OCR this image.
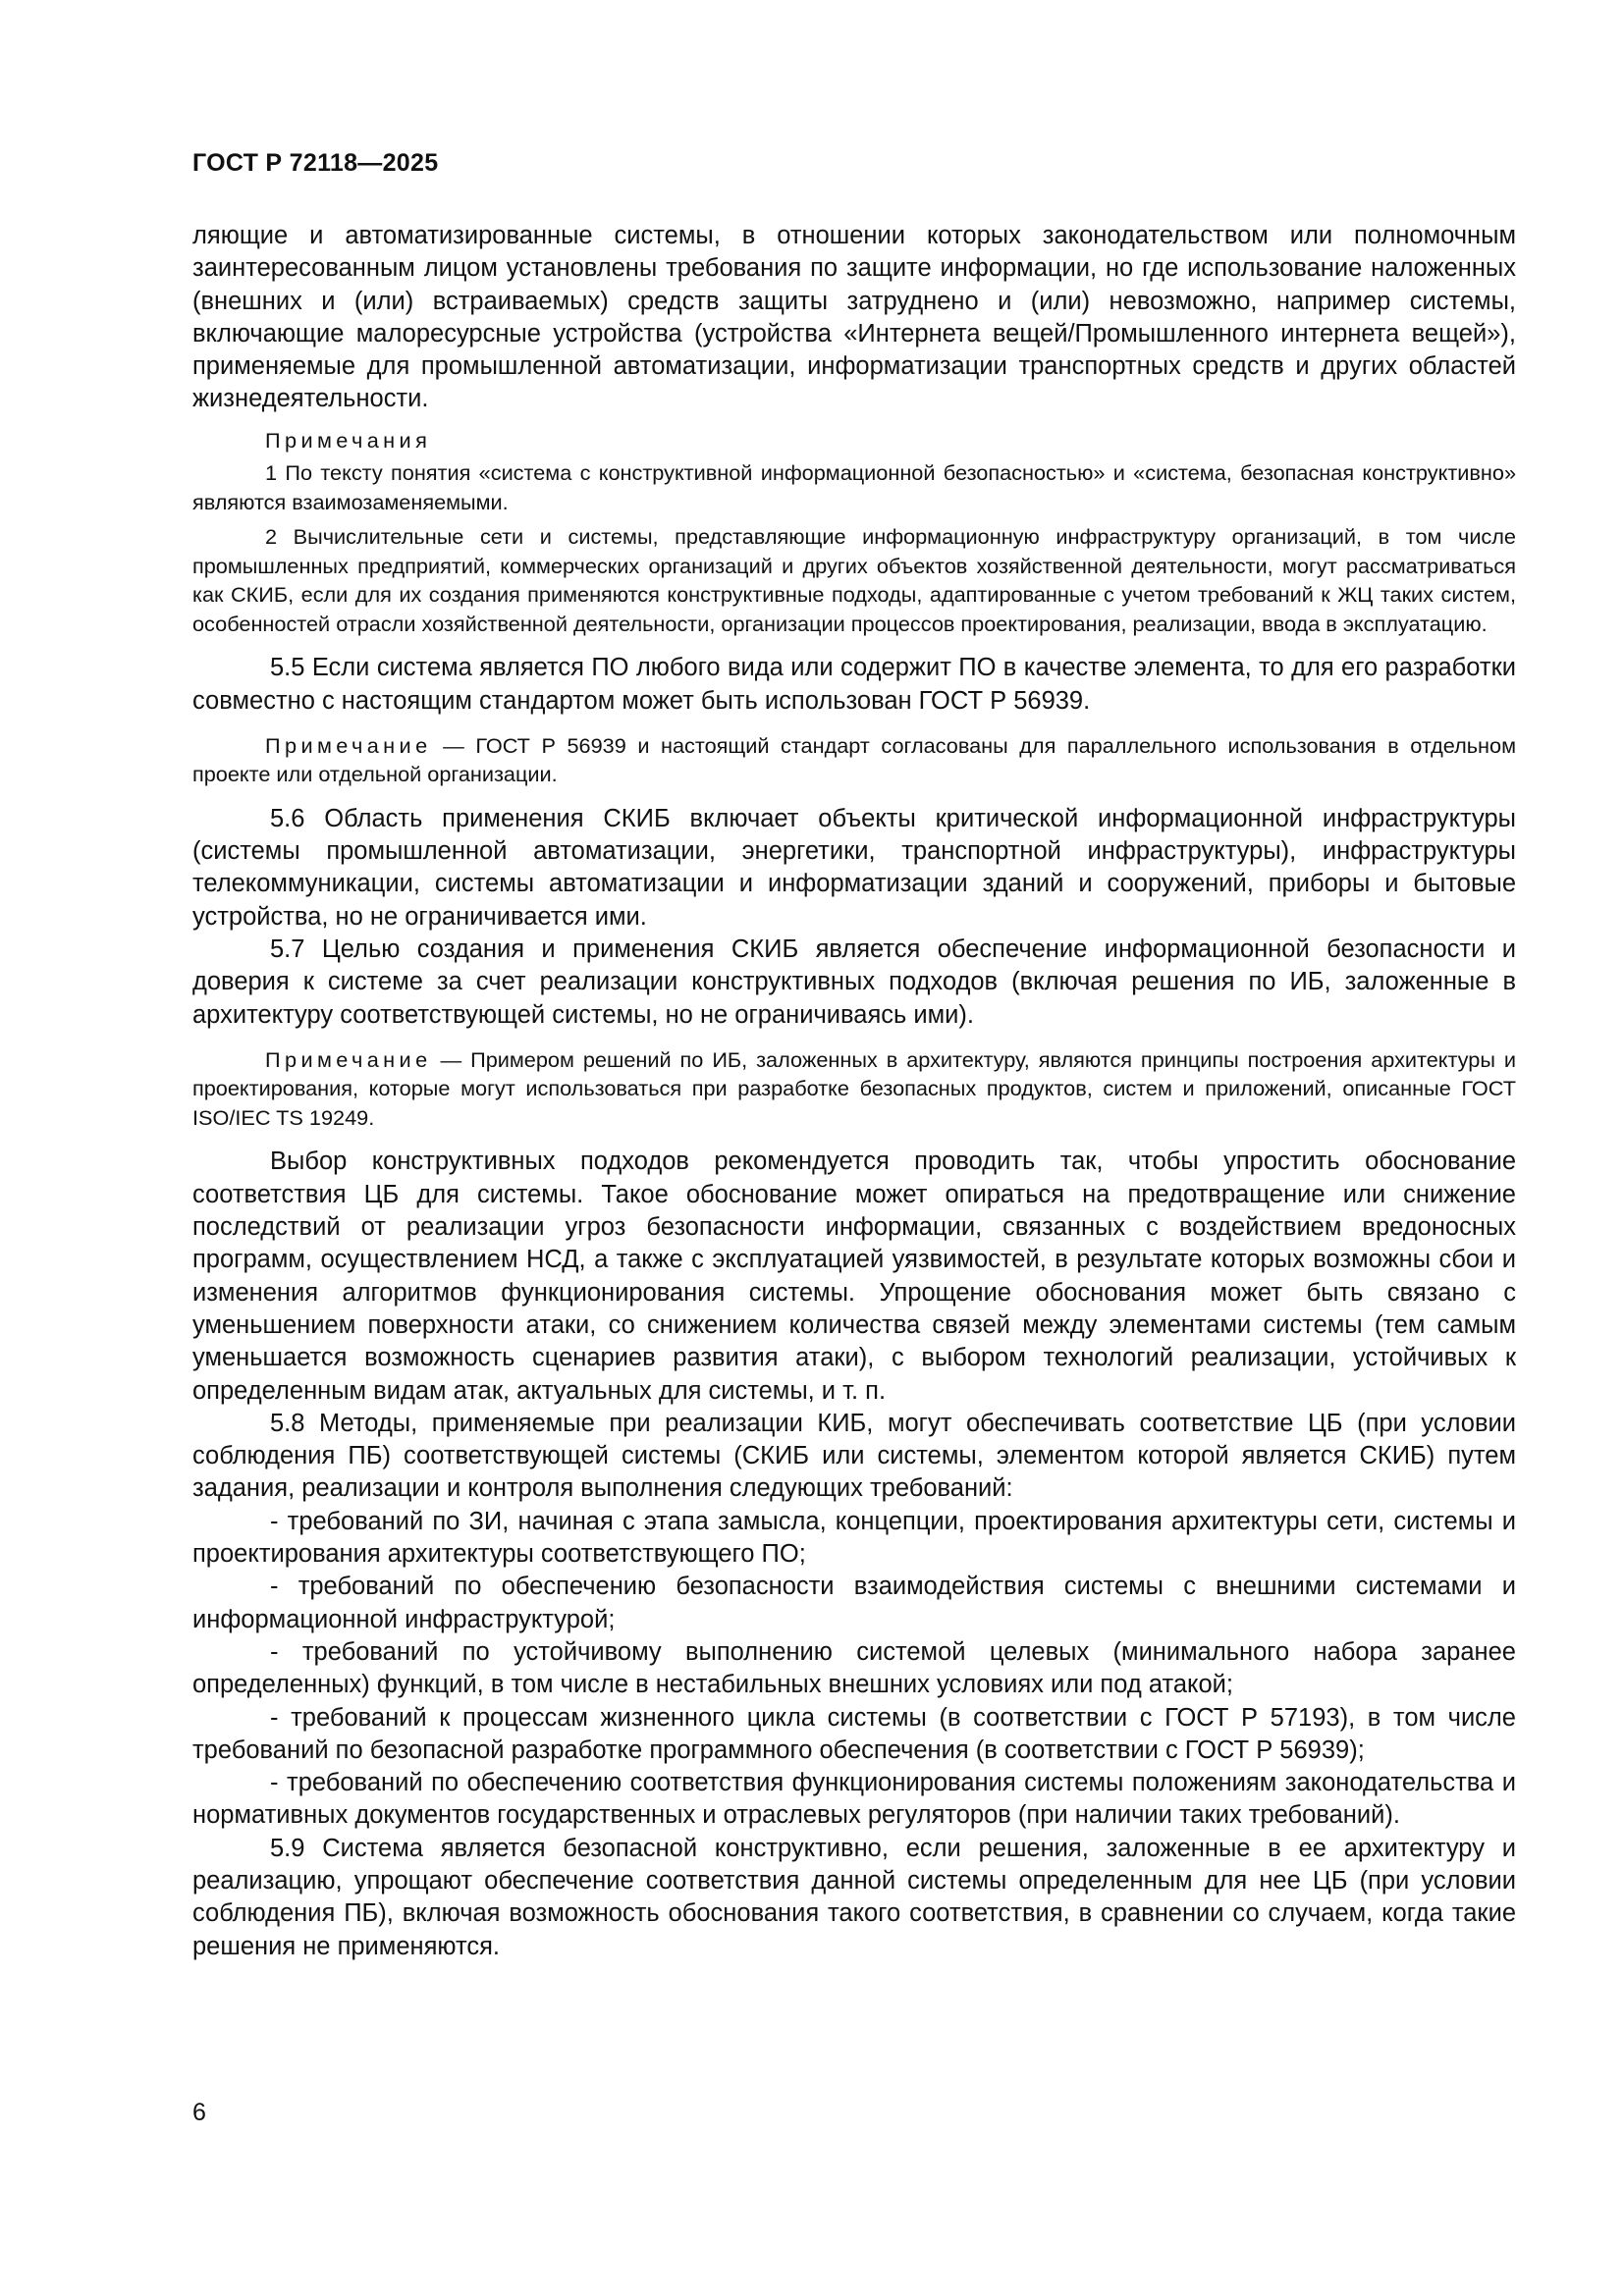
ГОСТ Р 72118—2025

ляющие и автоматизированные системы, в отношении которых законодательством или полномочным заинтересованным лицом установлены требования по защите информации, но где использование наложенных (внешних и (или) встраиваемых) средств защиты затруднено и (или) невозможно, например системы, включающие малоресурсные устройства (устройства «Интернета вещей/Промышленного интернета вещей»), применяемые для промышленной автоматизации, информатизации транспортных средств и других областей жизнедеятельности.

Примечания

1 По тексту понятия «система с конструктивной информационной безопасностью» и «система, безопасная конструктивно» являются взаимозаменяемыми.

2 Вычислительные сети и системы, представляющие информационную инфраструктуру организаций, в том числе промышленных предприятий, коммерческих организаций и других объектов хозяйственной деятельности, могут рассматриваться как СКИБ, если для их создания применяются конструктивные подходы, адаптированные с учетом требований к ЖЦ таких систем, особенностей отрасли хозяйственной деятельности, организации процессов проектирования, реализации, ввода в эксплуатацию.

5.5 Если система является ПО любого вида или содержит ПО в качестве элемента, то для его разработки совместно с настоящим стандартом может быть использован ГОСТ Р 56939.

Примечание — ГОСТ Р 56939 и настоящий стандарт согласованы для параллельного использования в отдельном проекте или отдельной организации.

5.6 Область применения СКИБ включает объекты критической информационной инфраструктуры (системы промышленной автоматизации, энергетики, транспортной инфраструктуры), инфраструктуры телекоммуникации, системы автоматизации и информатизации зданий и сооружений, приборы и бытовые устройства, но не ограничивается ими.

5.7 Целью создания и применения СКИБ является обеспечение информационной безопасности и доверия к системе за счет реализации конструктивных подходов (включая решения по ИБ, заложенные в архитектуру соответствующей системы, но не ограничиваясь ими).

Примечание — Примером решений по ИБ, заложенных в архитектуру, являются принципы построения архитектуры и проектирования, которые могут использоваться при разработке безопасных продуктов, систем и приложений, описанные ГОСТ ISO/IEC TS 19249.

Выбор конструктивных подходов рекомендуется проводить так, чтобы упростить обоснование соответствия ЦБ для системы. Такое обоснование может опираться на предотвращение или снижение последствий от реализации угроз безопасности информации, связанных с воздействием вредоносных программ, осуществлением НСД, а также с эксплуатацией уязвимостей, в результате которых возможны сбои и изменения алгоритмов функционирования системы. Упрощение обоснования может быть связано с уменьшением поверхности атаки, со снижением количества связей между элементами системы (тем самым уменьшается возможность сценариев развития атаки), с выбором технологий реализации, устойчивых к определенным видам атак, актуальных для системы, и т. п.

5.8 Методы, применяемые при реализации КИБ, могут обеспечивать соответствие ЦБ (при условии соблюдения ПБ) соответствующей системы (СКИБ или системы, элементом которой является СКИБ) путем задания, реализации и контроля выполнения следующих требований:

- требований по ЗИ, начиная с этапа замысла, концепции, проектирования архитектуры сети, системы и проектирования архитектуры соответствующего ПО;

- требований по обеспечению безопасности взаимодействия системы с внешними системами и информационной инфраструктурой;

- требований по устойчивому выполнению системой целевых (минимального набора заранее определенных) функций, в том числе в нестабильных внешних условиях или под атакой;

- требований к процессам жизненного цикла системы (в соответствии с ГОСТ Р 57193), в том числе требований по безопасной разработке программного обеспечения (в соответствии с ГОСТ Р 56939);

- требований по обеспечению соответствия функционирования системы положениям законодательства и нормативных документов государственных и отраслевых регуляторов (при наличии таких требований).

5.9 Система является безопасной конструктивно, если решения, заложенные в ее архитектуру и реализацию, упрощают обеспечение соответствия данной системы определенным для нее ЦБ (при условии соблюдения ПБ), включая возможность обоснования такого соответствия, в сравнении со случаем, когда такие решения не применяются.

6
